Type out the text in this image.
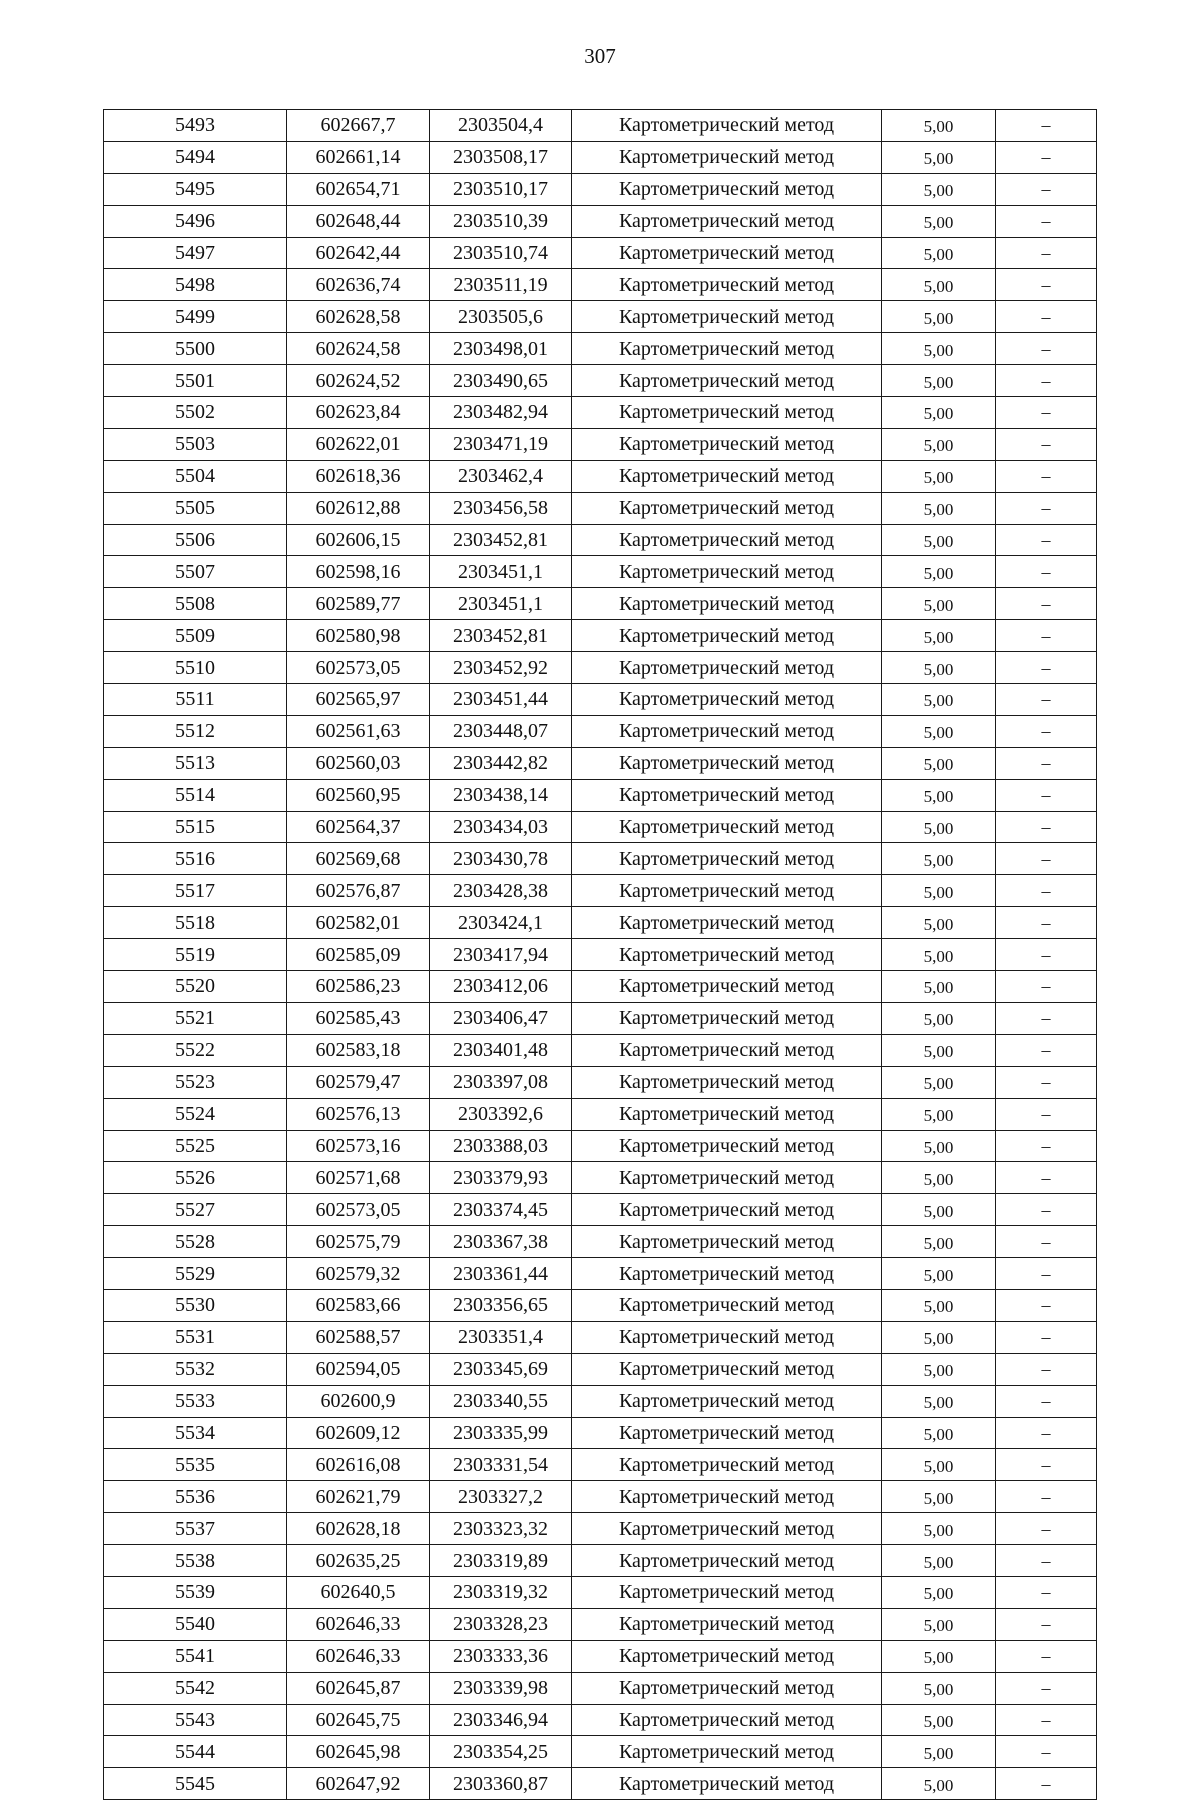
307
5493	602667,7	2303504,4	Картометрический метод	5,00	–
5494	602661,14	2303508,17	Картометрический метод	5,00	–
5495	602654,71	2303510,17	Картометрический метод	5,00	–
5496	602648,44	2303510,39	Картометрический метод	5,00	–
5497	602642,44	2303510,74	Картометрический метод	5,00	–
5498	602636,74	2303511,19	Картометрический метод	5,00	–
5499	602628,58	2303505,6	Картометрический метод	5,00	–
5500	602624,58	2303498,01	Картометрический метод	5,00	–
5501	602624,52	2303490,65	Картометрический метод	5,00	–
5502	602623,84	2303482,94	Картометрический метод	5,00	–
5503	602622,01	2303471,19	Картометрический метод	5,00	–
5504	602618,36	2303462,4	Картометрический метод	5,00	–
5505	602612,88	2303456,58	Картометрический метод	5,00	–
5506	602606,15	2303452,81	Картометрический метод	5,00	–
5507	602598,16	2303451,1	Картометрический метод	5,00	–
5508	602589,77	2303451,1	Картометрический метод	5,00	–
5509	602580,98	2303452,81	Картометрический метод	5,00	–
5510	602573,05	2303452,92	Картометрический метод	5,00	–
5511	602565,97	2303451,44	Картометрический метод	5,00	–
5512	602561,63	2303448,07	Картометрический метод	5,00	–
5513	602560,03	2303442,82	Картометрический метод	5,00	–
5514	602560,95	2303438,14	Картометрический метод	5,00	–
5515	602564,37	2303434,03	Картометрический метод	5,00	–
5516	602569,68	2303430,78	Картометрический метод	5,00	–
5517	602576,87	2303428,38	Картометрический метод	5,00	–
5518	602582,01	2303424,1	Картометрический метод	5,00	–
5519	602585,09	2303417,94	Картометрический метод	5,00	–
5520	602586,23	2303412,06	Картометрический метод	5,00	–
5521	602585,43	2303406,47	Картометрический метод	5,00	–
5522	602583,18	2303401,48	Картометрический метод	5,00	–
5523	602579,47	2303397,08	Картометрический метод	5,00	–
5524	602576,13	2303392,6	Картометрический метод	5,00	–
5525	602573,16	2303388,03	Картометрический метод	5,00	–
5526	602571,68	2303379,93	Картометрический метод	5,00	–
5527	602573,05	2303374,45	Картометрический метод	5,00	–
5528	602575,79	2303367,38	Картометрический метод	5,00	–
5529	602579,32	2303361,44	Картометрический метод	5,00	–
5530	602583,66	2303356,65	Картометрический метод	5,00	–
5531	602588,57	2303351,4	Картометрический метод	5,00	–
5532	602594,05	2303345,69	Картометрический метод	5,00	–
5533	602600,9	2303340,55	Картометрический метод	5,00	–
5534	602609,12	2303335,99	Картометрический метод	5,00	–
5535	602616,08	2303331,54	Картометрический метод	5,00	–
5536	602621,79	2303327,2	Картометрический метод	5,00	–
5537	602628,18	2303323,32	Картометрический метод	5,00	–
5538	602635,25	2303319,89	Картометрический метод	5,00	–
5539	602640,5	2303319,32	Картометрический метод	5,00	–
5540	602646,33	2303328,23	Картометрический метод	5,00	–
5541	602646,33	2303333,36	Картометрический метод	5,00	–
5542	602645,87	2303339,98	Картометрический метод	5,00	–
5543	602645,75	2303346,94	Картометрический метод	5,00	–
5544	602645,98	2303354,25	Картометрический метод	5,00	–
5545	602647,92	2303360,87	Картометрический метод	5,00	–
